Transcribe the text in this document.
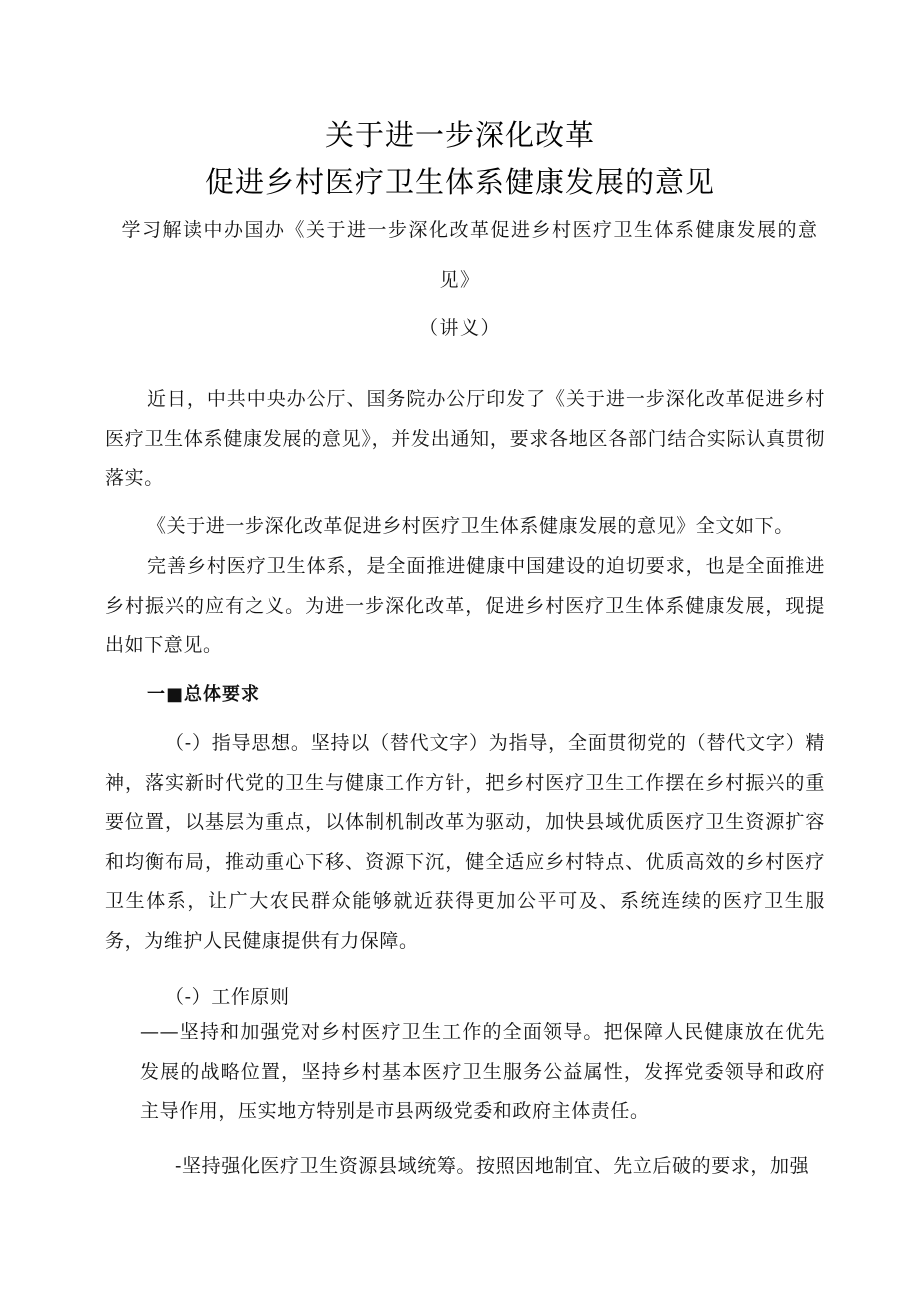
关于进一步深化改革
促进乡村医疗卫生体系健康发展的意见
学习解读中办国办《关于进一步深化改革促进乡村医疗卫生体系健康发展的意
见》
（讲义）
近日，中共中央办公厅、国务院办公厅印发了《关于进一步深化改革促进乡村医疗卫生体系健康发展的意见》，并发出通知，要求各地区各部门结合实际认真贯彻落实。
《关于进一步深化改革促进乡村医疗卫生体系健康发展的意见》全文如下。
完善乡村医疗卫生体系，是全面推进健康中国建设的迫切要求，也是全面推进乡村振兴的应有之义。为进一步深化改革，促进乡村医疗卫生体系健康发展，现提出如下意见。
一■总体要求
（-）指导思想。坚持以（替代文字）为指导，全面贯彻党的（替代文字）精神，落实新时代党的卫生与健康工作方针，把乡村医疗卫生工作摆在乡村振兴的重要位置，以基层为重点，以体制机制改革为驱动，加快县域优质医疗卫生资源扩容和均衡布局，推动重心下移、资源下沉，健全适应乡村特点、优质高效的乡村医疗卫生体系，让广大农民群众能够就近获得更加公平可及、系统连续的医疗卫生服务，为维护人民健康提供有力保障。
（-）工作原则
——坚持和加强党对乡村医疗卫生工作的全面领导。把保障人民健康放在优先发展的战略位置，坚持乡村基本医疗卫生服务公益属性，发挥党委领导和政府主导作用，压实地方特别是市县两级党委和政府主体责任。
-坚持强化医疗卫生资源县域统筹。按照因地制宜、先立后破的要求，加强
